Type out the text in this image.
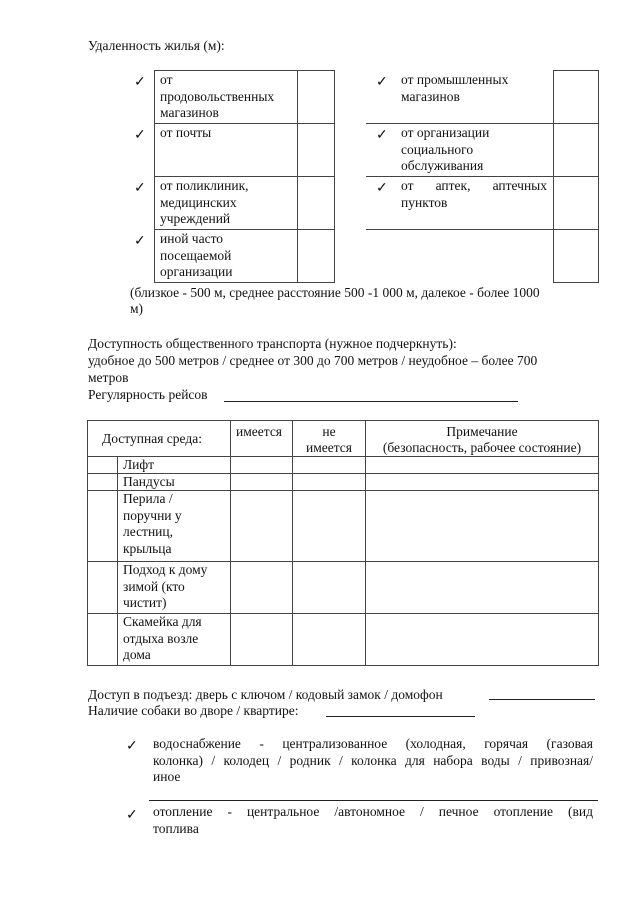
Удаленность жилья (м):
✓ от
продовольственных
магазинов
✓ от почты
✓ от поликлиник,
медицинских
учреждений
✓ иной часто
посещаемой
организации
✓ от промышленных
магазинов
✓ от организации
социального
обслуживания
✓ от аптек, аптечных
пунктов
(близкое - 500 м, среднее расстояние 500 -1 000 м, далекое - более 1000
м)
Доступность общественного транспорта (нужное подчеркнуть):
удобное до 500 метров / среднее от 300 до 700 метров / неудобное – более 700
метров
Регулярность рейсов
Доступная среда:	имеется	не
имеется
Примечание
(безопасность, рабочее состояние)
Лифт
Пандусы
Перила /
поручни у
лестниц,
крыльца
Подход к дому
зимой (кто
чистит)
Скамейка для
отдыха возле
дома
Доступ в подъезд: дверь с ключом / кодовый замок / домофон
Наличие собаки во дворе / квартире:
✓ водоснабжение - централизованное (холодная, горячая (газовая
колонка) / колодец / родник / колонка для набора воды / привозная/
иное
✓ отопление - центральное /автономное / печное отопление (вид
топлива
